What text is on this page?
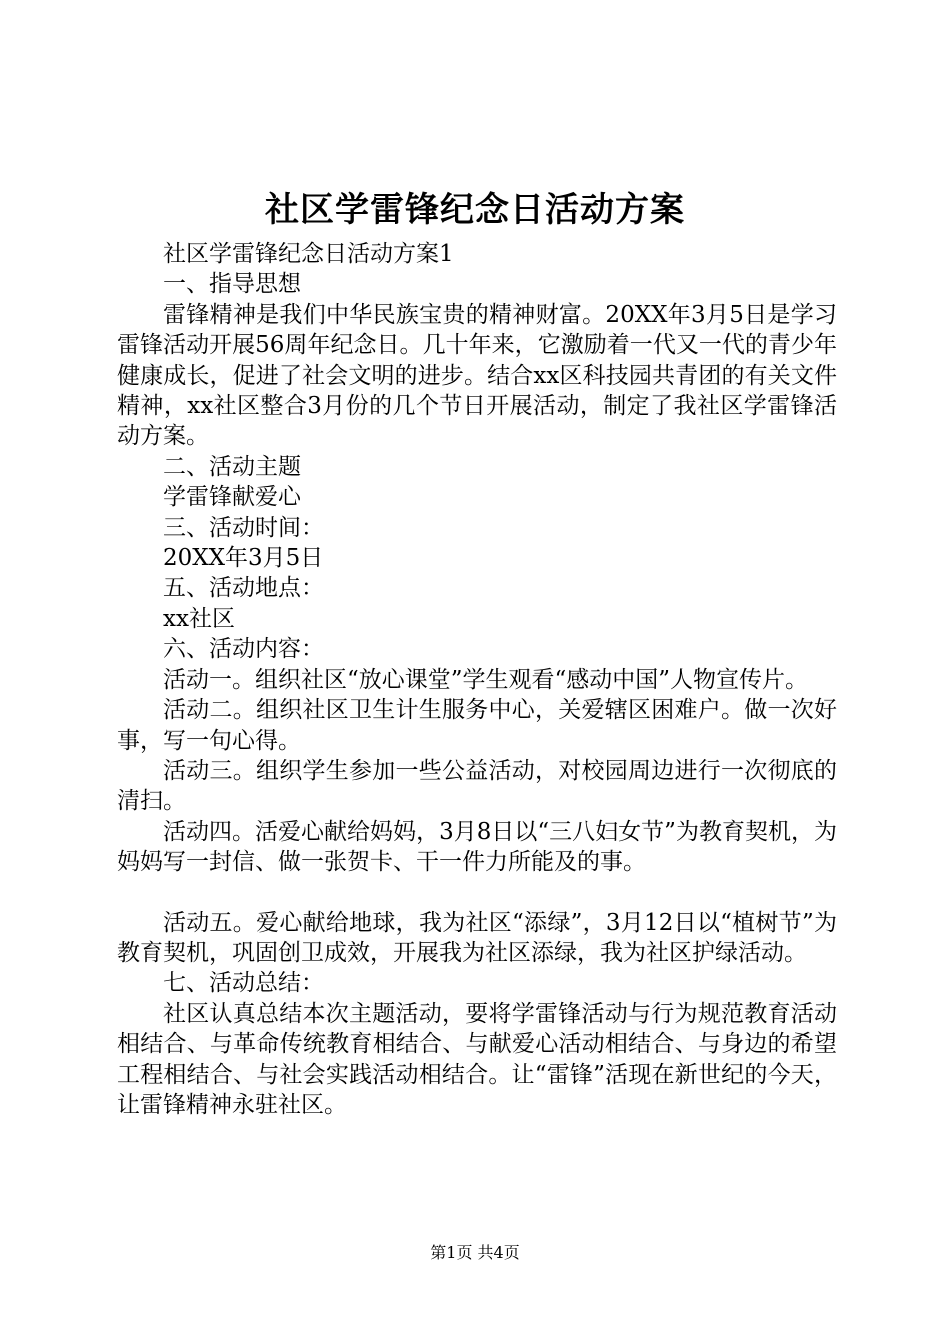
社区学雷锋纪念日活动方案

社区学雷锋纪念日活动方案1

一、指导思想

雷锋精神是我们中华民族宝贵的精神财富。20XX年3月5日是学习雷锋活动开展56周年纪念日。几十年来，它激励着一代又一代的青少年健康成长，促进了社会文明的进步。结合xx区科技园共青团的有关文件精神，xx社区整合3月份的几个节日开展活动，制定了我社区学雷锋活动方案。

二、活动主题

学雷锋献爱心

三、活动时间：

20XX年3月5日

五、活动地点：

xx社区

六、活动内容：

活动一。组织社区“放心课堂”学生观看“感动中国”人物宣传片。

活动二。组织社区卫生计生服务中心，关爱辖区困难户。做一次好事，写一句心得。

活动三。组织学生参加一些公益活动，对校园周边进行一次彻底的清扫。

活动四。活爱心献给妈妈，3月8日以“三八妇女节”为教育契机，为妈妈写一封信、做一张贺卡、干一件力所能及的事。

活动五。爱心献给地球，我为社区“添绿”，3月12日以“植树节”为教育契机，巩固创卫成效，开展我为社区添绿，我为社区护绿活动。

七、活动总结：

社区认真总结本次主题活动，要将学雷锋活动与行为规范教育活动相结合、与革命传统教育相结合、与献爱心活动相结合、与身边的希望工程相结合、与社会实践活动相结合。让“雷锋”活现在新世纪的今天，让雷锋精神永驻社区。

第1页 共4页
